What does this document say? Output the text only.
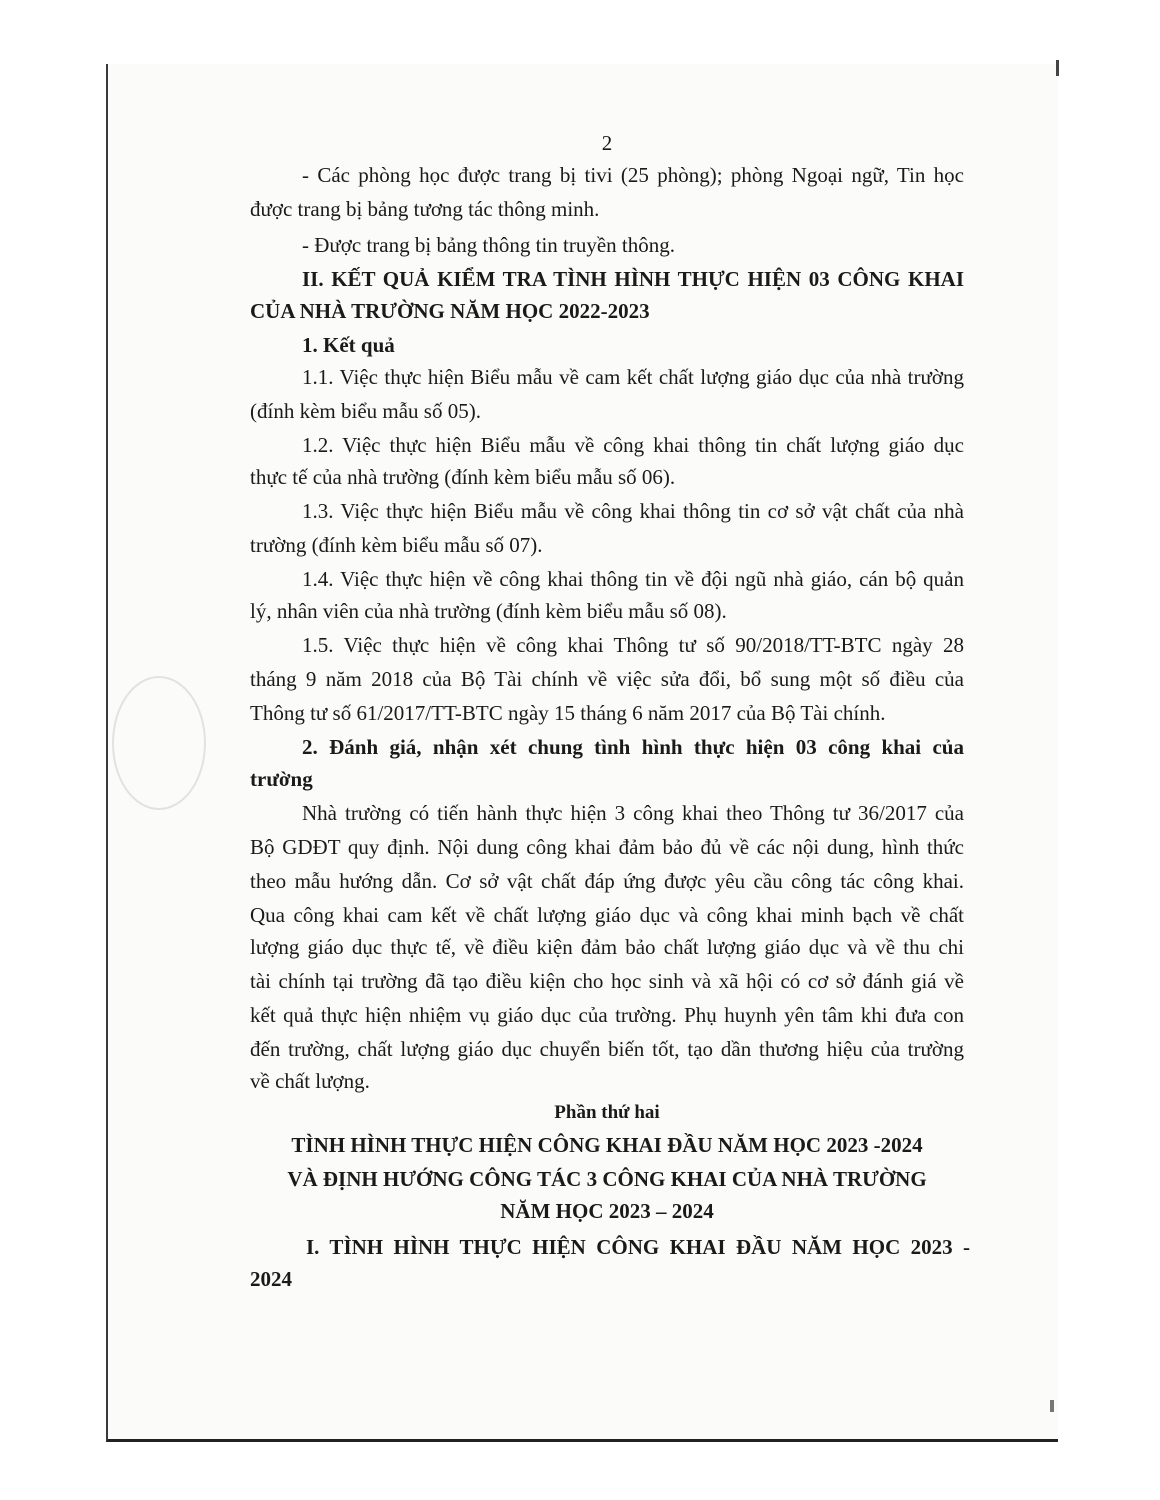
2
- Các phòng học được trang bị tivi (25 phòng); phòng Ngoại ngữ, Tin học
được trang bị bảng tương tác thông minh.
- Được trang bị bảng thông tin truyền thông.
II. KẾT QUẢ KIỂM TRA TÌNH HÌNH THỰC HIỆN 03 CÔNG KHAI
CỦA NHÀ TRƯỜNG NĂM HỌC 2022-2023
1. Kết quả
1.1. Việc thực hiện Biểu mẫu về cam kết chất lượng giáo dục của nhà trường
(đính kèm biểu mẫu số 05).
1.2. Việc thực hiện Biểu mẫu về công khai thông tin chất lượng giáo dục
thực tế của nhà trường (đính kèm biểu mẫu số 06).
1.3. Việc thực hiện Biểu mẫu về công khai thông tin cơ sở vật chất của nhà
trường (đính kèm biểu mẫu số 07).
1.4. Việc thực hiện về công khai thông tin về đội ngũ nhà giáo, cán bộ quản
lý, nhân viên của nhà trường (đính kèm biểu mẫu số 08).
1.5. Việc thực hiện về công khai Thông tư số 90/2018/TT-BTC ngày 28
tháng 9 năm 2018 của Bộ Tài chính về việc sửa đổi, bổ sung một số điều của
Thông tư số 61/2017/TT-BTC ngày 15 tháng 6 năm 2017 của Bộ Tài chính.
2. Đánh giá, nhận xét chung tình hình thực hiện 03 công khai của
trường
Nhà trường có tiến hành thực hiện 3 công khai theo Thông tư 36/2017 của
Bộ GDĐT quy định. Nội dung công khai đảm bảo đủ về các nội dung, hình thức
theo mẫu hướng dẫn. Cơ sở vật chất đáp ứng được yêu cầu công tác công khai.
Qua công khai cam kết về chất lượng giáo dục và công khai minh bạch về chất
lượng giáo dục thực tế, về điều kiện đảm bảo chất lượng giáo dục và về thu chi
tài chính tại trường đã tạo điều kiện cho học sinh và xã hội có cơ sở đánh giá về
kết quả thực hiện nhiệm vụ giáo dục của trường. Phụ huynh yên tâm khi đưa con
đến trường, chất lượng giáo dục chuyển biến tốt, tạo dần thương hiệu của trường
về chất lượng.
Phần thứ hai
TÌNH HÌNH THỰC HIỆN CÔNG KHAI ĐẦU NĂM HỌC 2023 -2024
VÀ ĐỊNH HƯỚNG CÔNG TÁC 3 CÔNG KHAI CỦA NHÀ TRƯỜNG
NĂM HỌC 2023 – 2024
I. TÌNH HÌNH THỰC HIỆN CÔNG KHAI ĐẦU NĂM HỌC 2023 -
2024
